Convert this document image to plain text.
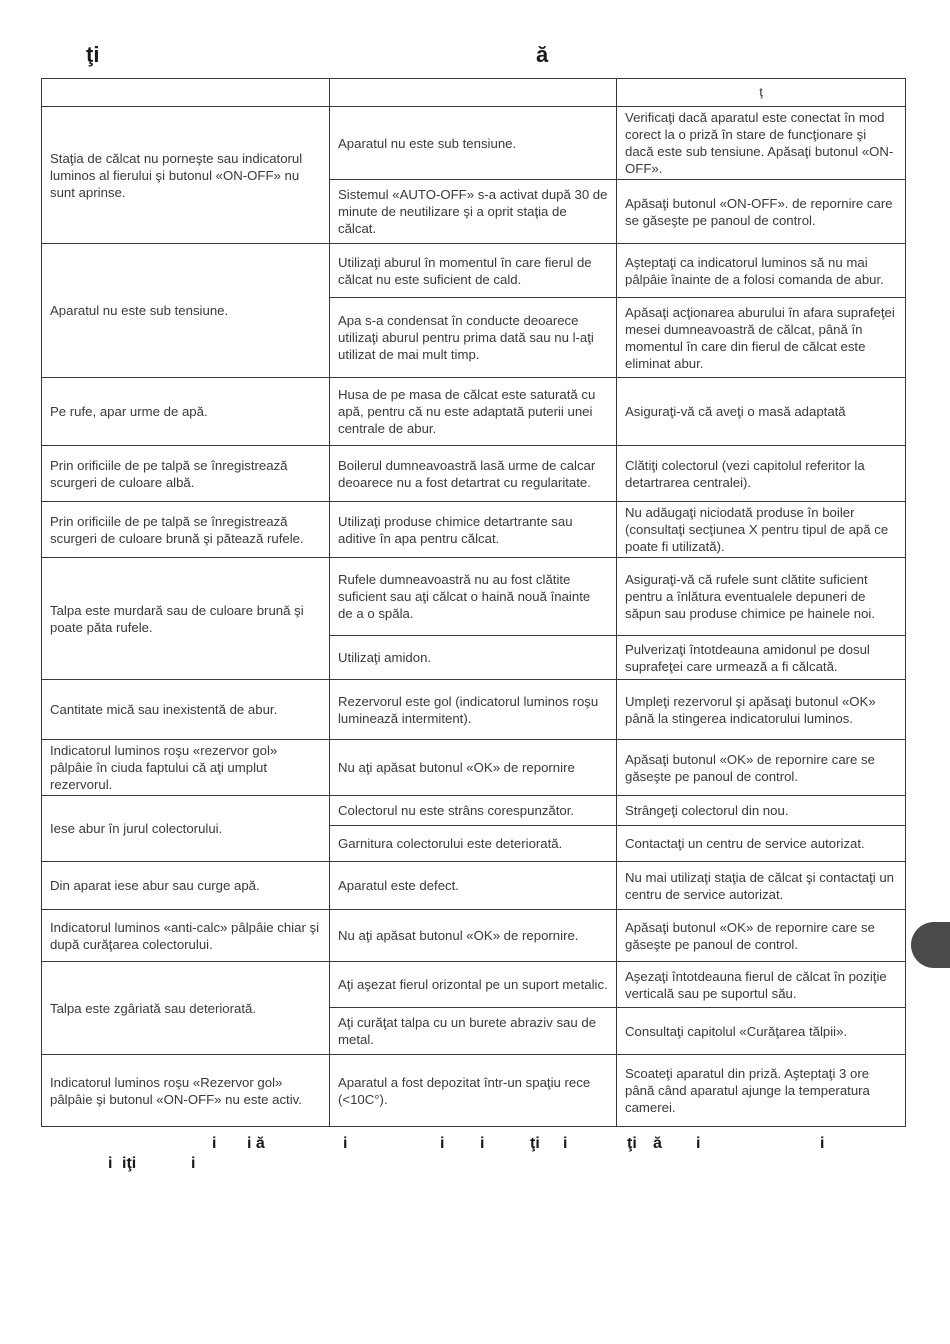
ţi	ă
		ţ
Staţia de călcat nu porneşte sau indicatorul luminos al fierului şi butonul «ON-OFF» nu sunt aprinse.	Aparatul nu este sub tensiune.	Verificaţi dacă aparatul este conectat în mod corect la o priză în stare de funcţionare şi dacă este sub tensiune. Apăsaţi butonul «ON-OFF».
	Sistemul «AUTO-OFF» s-a activat după 30 de minute de neutilizare şi a oprit staţia de călcat.	Apăsaţi butonul «ON-OFF». de repornire care se găseşte pe panoul de control.
Aparatul nu este sub tensiune.	Utilizaţi aburul în momentul în care fierul de călcat nu este suficient de cald.	Aşteptaţi ca indicatorul luminos să nu mai pâlpâie înainte de a folosi comanda de abur.
	Apa s-a condensat în conducte deoarece utilizaţi aburul pentru prima dată sau nu l-aţi utilizat de mai mult timp.	Apăsaţi acţionarea aburului în afara suprafeţei mesei dumneavoastră de călcat, până în momentul în care din fierul de călcat este eliminat abur.
Pe rufe, apar urme de apă.	Husa de pe masa de călcat este saturată cu apă, pentru că nu este adaptată puterii unei centrale de abur.	Asiguraţi-vă că aveţi o masă adaptată
Prin orificiile de pe talpă se înregistrează scurgeri de culoare albă.	Boilerul dumneavoastră lasă urme de calcar deoarece nu a fost detartrat cu regularitate.	Clătiţi colectorul (vezi capitolul referitor la detartrarea centralei).
Prin orificiile de pe talpă se înregistrează scurgeri de culoare brună şi pătează rufele.	Utilizaţi produse chimice detartrante sau aditive în apa pentru călcat.	Nu adăugaţi niciodată produse în boiler (consultaţi secţiunea X pentru tipul de apă ce poate fi utilizată).
Talpa este murdară sau de culoare brună şi poate păta rufele.	Rufele dumneavoastră nu au fost clătite suficient sau aţi călcat o haină nouă înainte de a o spăla.	Asiguraţi-vă că rufele sunt clătite suficient pentru a înlătura eventualele depuneri de săpun sau produse chimice pe hainele noi.
	Utilizaţi amidon.	Pulverizaţi întotdeauna amidonul pe dosul suprafeţei care urmează a fi călcată.
Cantitate mică sau inexistentă de abur.	Rezervorul este gol (indicatorul luminos roşu luminează intermitent).	Umpleţi rezervorul şi apăsaţi butonul «OK» până la stingerea indicatorului luminos.
Indicatorul luminos roşu «rezervor gol» pâlpâie în ciuda faptului că aţi umplut rezervorul.	Nu aţi apăsat butonul «OK» de repornire	Apăsaţi butonul «OK» de repornire care se găseşte pe panoul de control.
Iese abur în jurul colectorului.	Colectorul nu este strâns corespunzător.	Strângeţi colectorul din nou.
	Garnitura colectorului este deteriorată.	Contactaţi un centru de service autorizat.
Din aparat iese abur sau curge apă.	Aparatul este defect.	Nu mai utilizaţi staţia de călcat şi contactaţi un centru de service autorizat.
Indicatorul luminos «anti-calc» pâlpâie chiar şi după curăţarea colectorului.	Nu aţi apăsat butonul «OK» de repornire.	Apăsaţi butonul «OK» de repornire care se găseşte pe panoul de control.
Talpa este zgâriată sau deteriorată.	Aţi aşezat fierul orizontal pe un suport metalic.	Aşezaţi întotdeauna fierul de călcat în poziţie verticală sau pe suportul său.
	Aţi curăţat talpa cu un burete abraziv sau de metal.	Consultaţi capitolul «Curăţarea tălpii».
Indicatorul luminos roşu «Rezervor gol» pâlpâie şi butonul «ON-OFF» nu este activ.	Aparatul a fost depozitat într-un spaţiu rece (<10C°).	Scoateţi aparatul din priză. Aşteptaţi 3 ore până când aparatul ajunge la temperatura camerei.
i i ă	i	i i	ţi i	ţi ă i	i
i iţi	i
